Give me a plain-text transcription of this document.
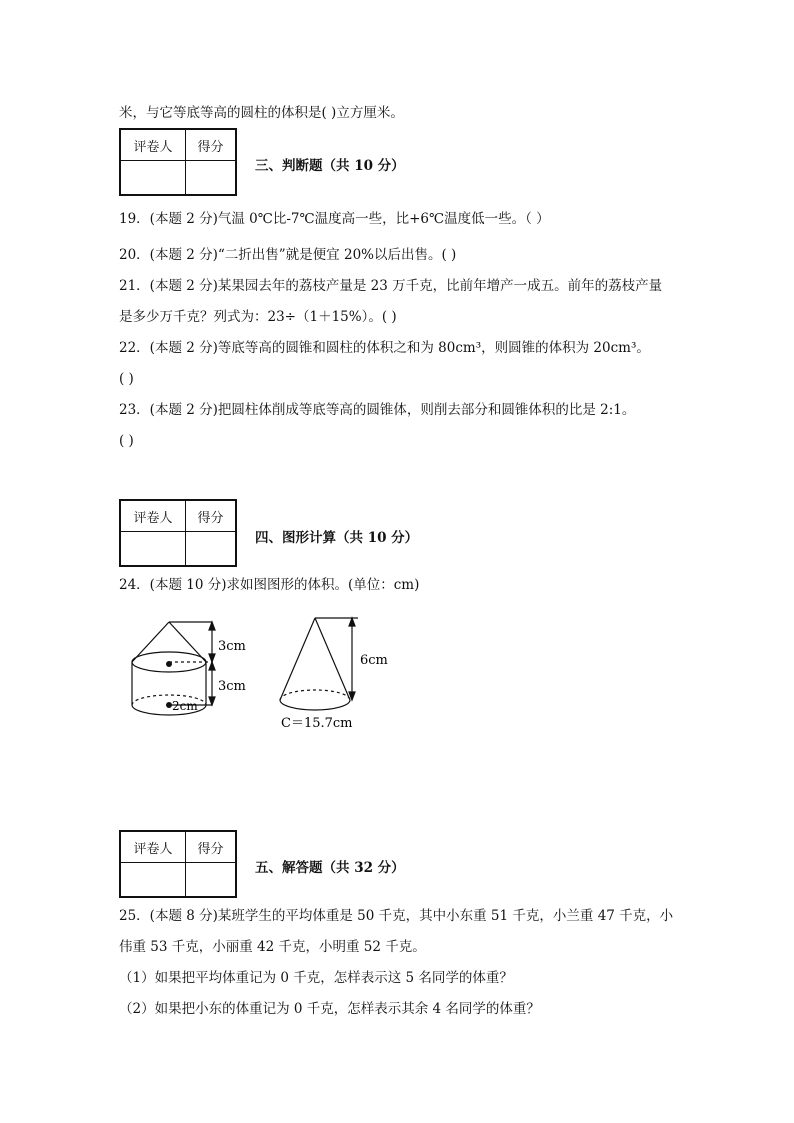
米，与它等底等高的圆柱的体积是( )立方厘米。
评卷人	得分
三、判断题（共 10 分）
19．(本题 2 分)气温 0℃比-7℃温度高一些，比+6℃温度低一些。（ ）
20．(本题 2 分)“二折出售”就是便宜 20%以后出售。( )
21．(本题 2 分)某果园去年的荔枝产量是 23 万千克，比前年增产一成五。前年的荔枝产量
是多少万千克？列式为：23÷（1＋15%）。( )
22．(本题 2 分)等底等高的圆锥和圆柱的体积之和为 80cm³，则圆锥的体积为 20cm³。
( )
23．(本题 2 分)把圆柱体削成等底等高的圆锥体，则削去部分和圆锥体积的比是 2:1。
( )
评卷人	得分
四、图形计算（共 10 分）
24．(本题 10 分)求如图图形的体积。(单位：cm)
3cm
3cm
2cm
6cm
C＝15.7cm
评卷人	得分
五、解答题（共 32 分）
25．(本题 8 分)某班学生的平均体重是 50 千克，其中小东重 51 千克，小兰重 47 千克，小
伟重 53 千克，小丽重 42 千克，小明重 52 千克。
（1）如果把平均体重记为 0 千克，怎样表示这 5 名同学的体重？
（2）如果把小东的体重记为 0 千克，怎样表示其余 4 名同学的体重？
